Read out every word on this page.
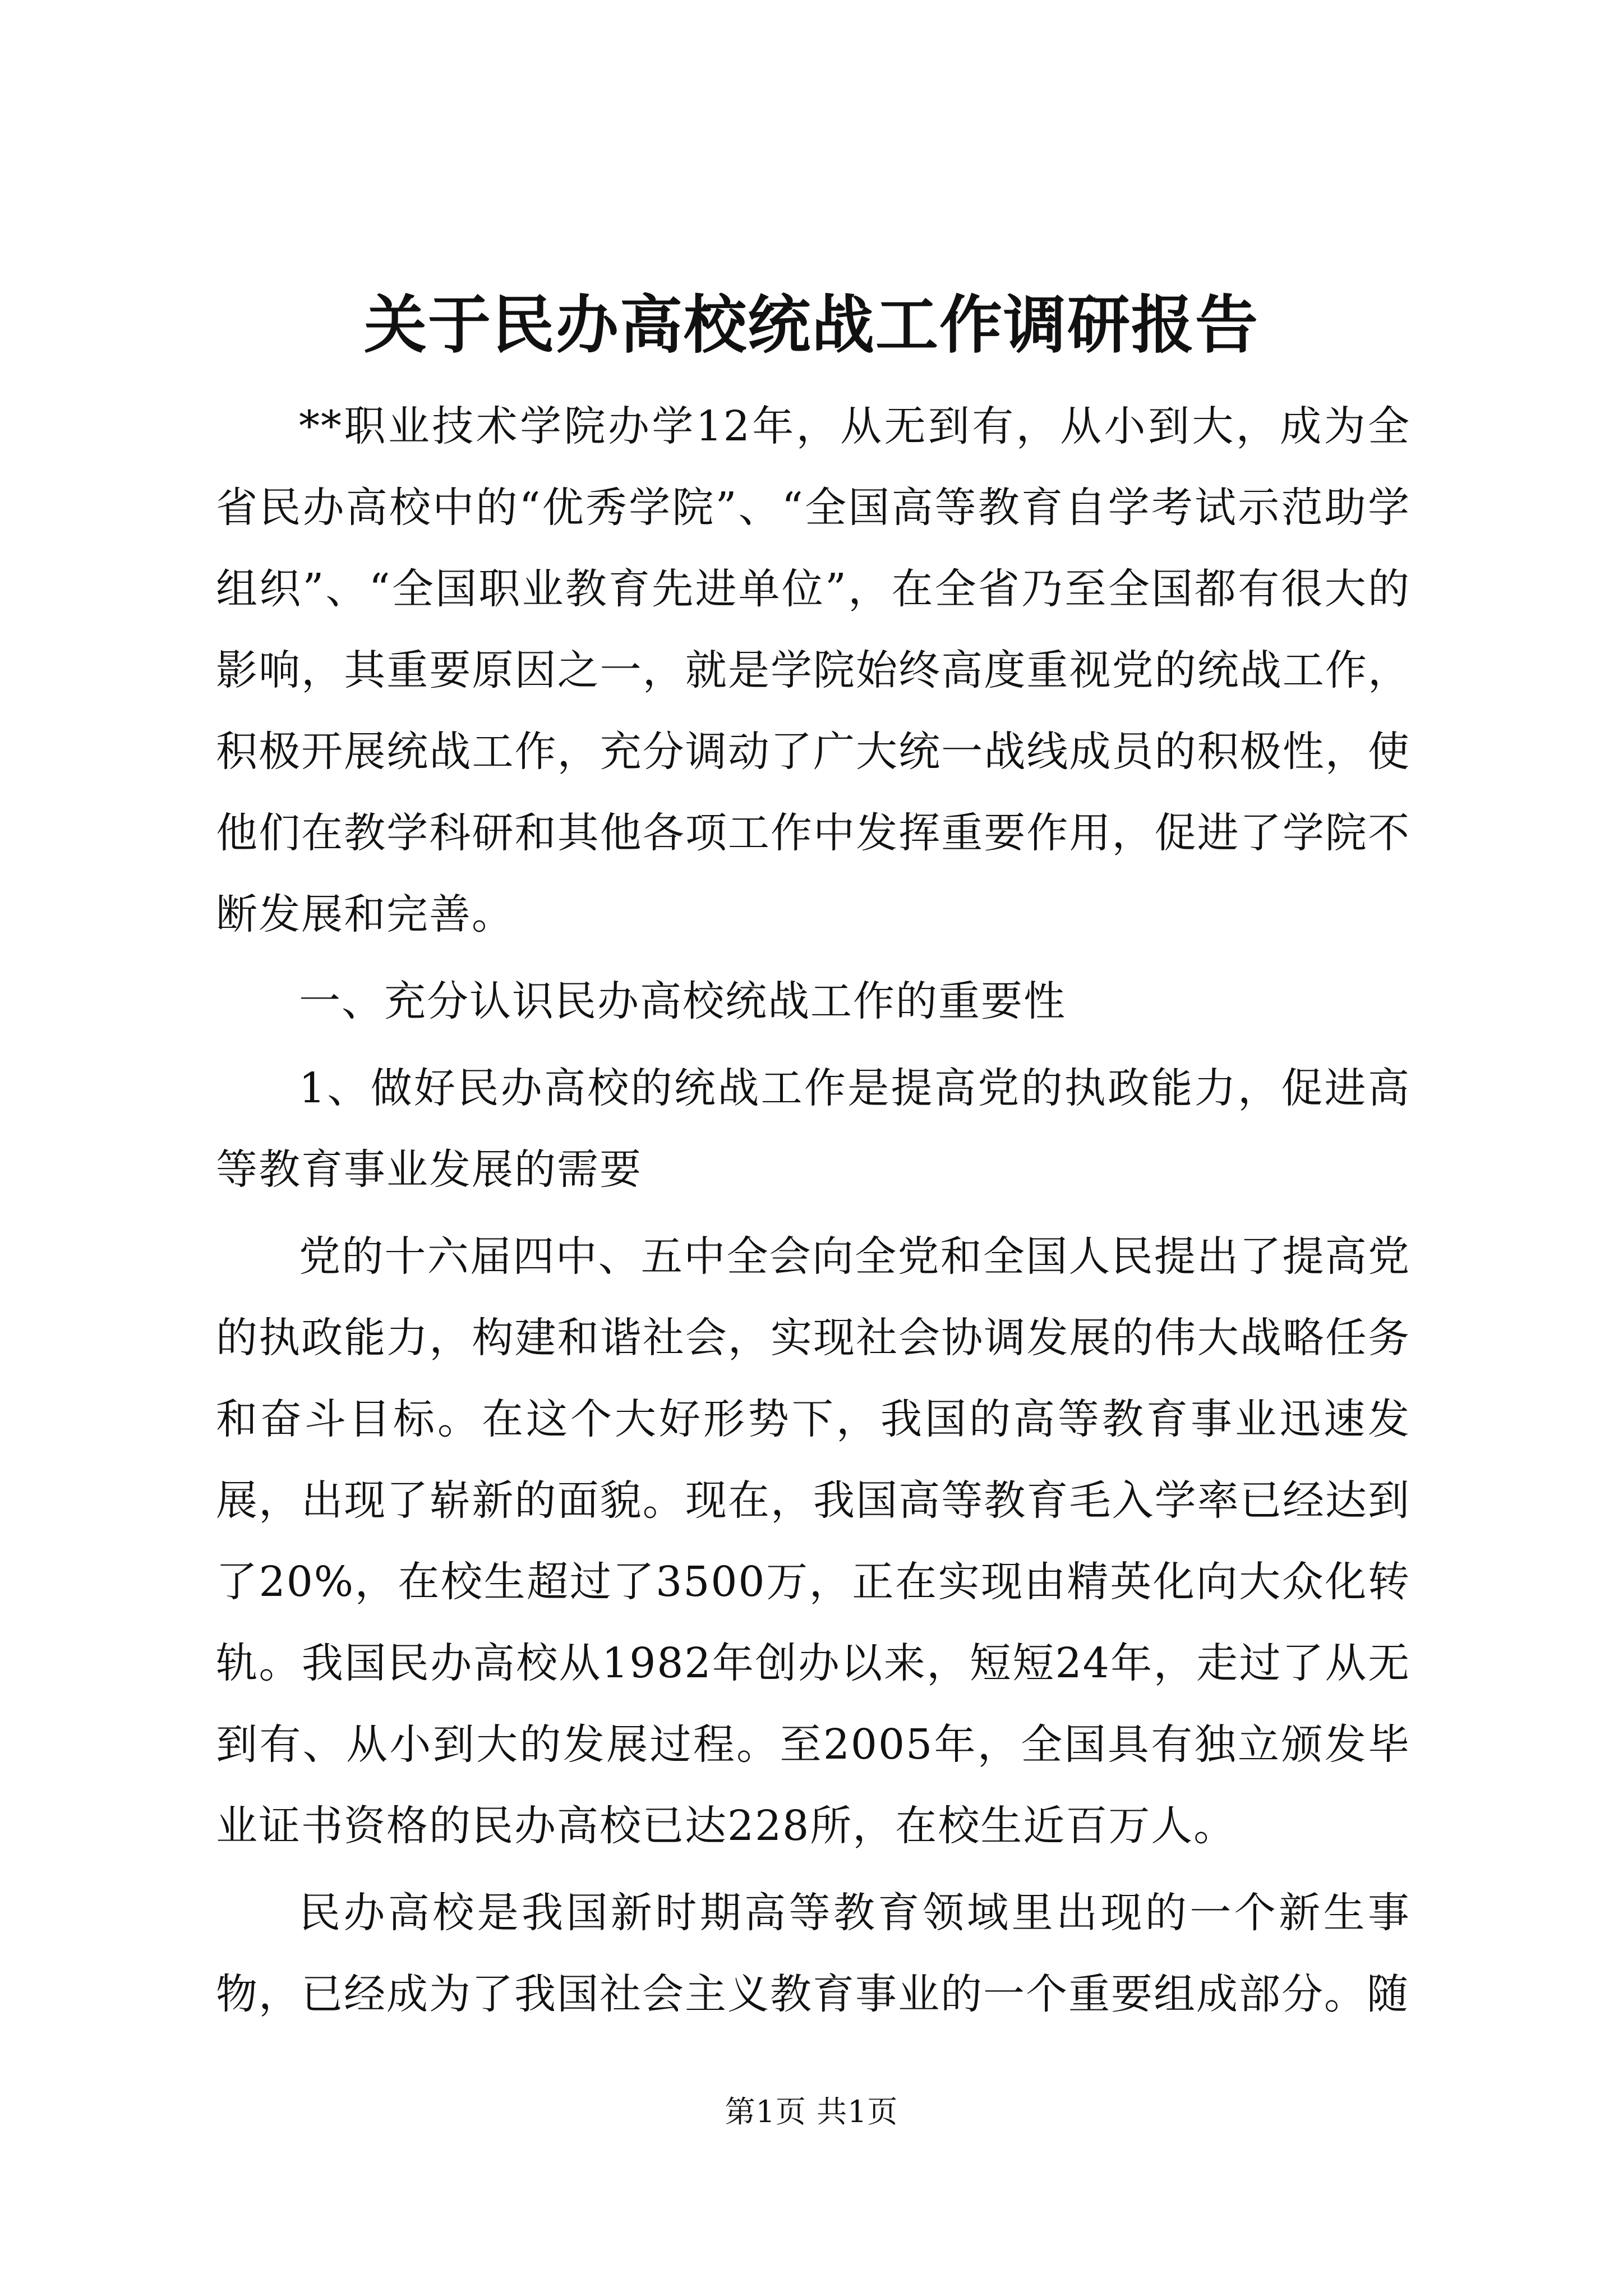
关于民办高校统战工作调研报告

**职业技术学院办学12年，从无到有，从小到大，成为全省民办高校中的“优秀学院”、“全国高等教育自学考试示范助学组织”、“全国职业教育先进单位”，在全省乃至全国都有很大的影响，其重要原因之一，就是学院始终高度重视党的统战工作，积极开展统战工作，充分调动了广大统一战线成员的积极性，使他们在教学科研和其他各项工作中发挥重要作用，促进了学院不断发展和完善。

一、充分认识民办高校统战工作的重要性

1、做好民办高校的统战工作是提高党的执政能力，促进高等教育事业发展的需要

党的十六届四中、五中全会向全党和全国人民提出了提高党的执政能力，构建和谐社会，实现社会协调发展的伟大战略任务和奋斗目标。在这个大好形势下，我国的高等教育事业迅速发展，出现了崭新的面貌。现在，我国高等教育毛入学率已经达到了20%，在校生超过了3500万，正在实现由精英化向大众化转轨。我国民办高校从1982年创办以来，短短24年，走过了从无到有、从小到大的发展过程。至2005年，全国具有独立颁发毕业证书资格的民办高校已达228所，在校生近百万人。

民办高校是我国新时期高等教育领域里出现的一个新生事物，已经成为了我国社会主义教育事业的一个重要组成部分。随

第1页 共1页
